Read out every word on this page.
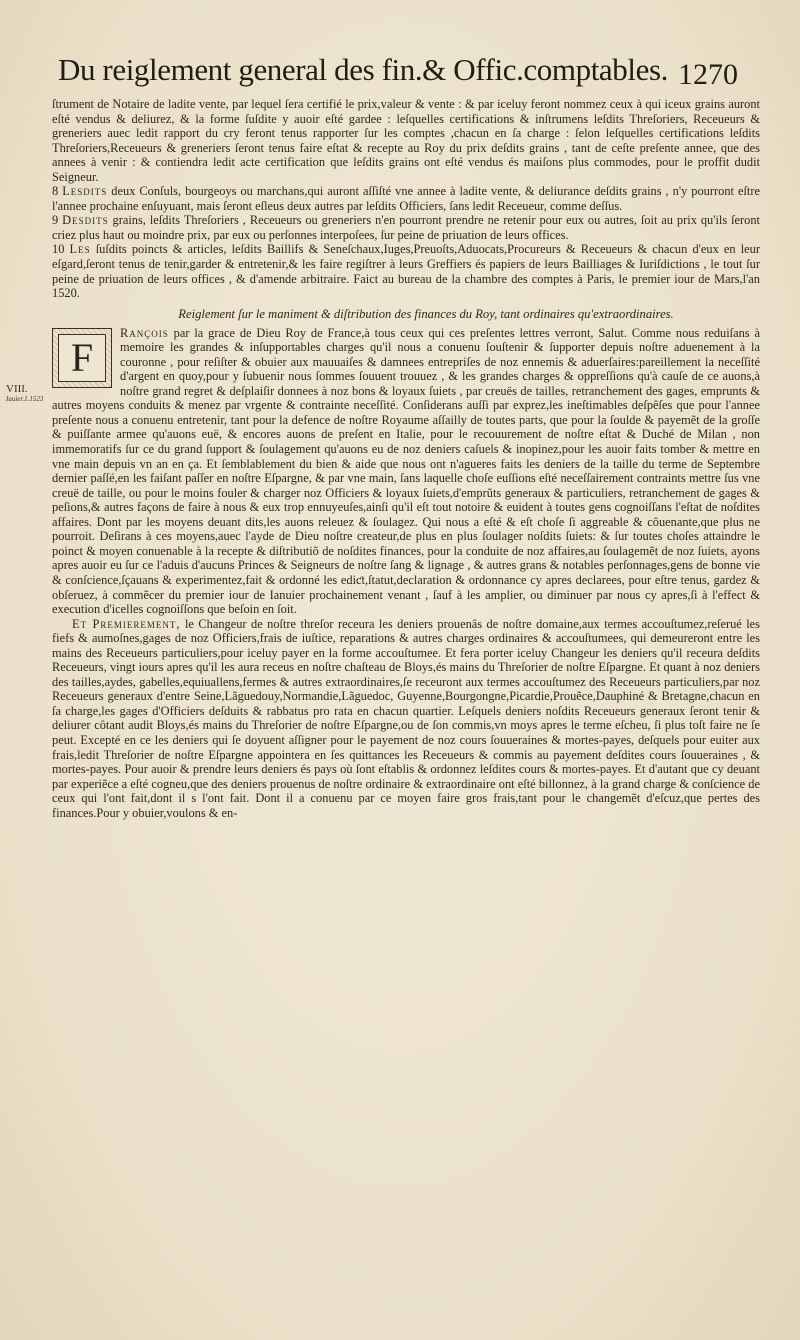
Du reiglement general des fin.& Offic.comptables. 1270
VIII.
Iauier.1.1523

ſtrument de Notaire de ladite vente, par lequel ſera certifié le prix,valeur & vente : & par iceluy feront nommez ceux à qui iceux grains auront eſté vendus & deliurez, & la forme ſuſdite y auoir eſté gardee : leſquelles certifications & inſtrumens leſdits Threſoriers, Receueurs & greneriers auec ledit rapport du cry feront tenus rapporter ſur les comptes ,chacun en ſa charge : ſelon leſquelles certifications leſdits Threſoriers,Receueurs & greneriers ſeront tenus faire eſtat & recepte au Roy du prix deſdits grains , tant de ceſte preſente annee, que des annees à venir : & contiendra ledit acte certification que leſdits grains ont eſté vendus és maiſons plus commodes, pour le proffit dudit Seigneur.

8 Lesdits deux Conſuls, bourgeoys ou marchans,qui auront aſſiſté vne annee à ladite vente, & deliurance deſdits grains , n'y pourront eſtre l'annee prochaine enſuyuant, mais ſeront eſleus deux autres par leſdits Officiers, ſans ledit Receueur, comme deſſus.

9 Desdits grains, leſdits Threſoriers , Receueurs ou greneriers n'en pourront prendre ne retenir pour eux ou autres, ſoit au prix qu'ils ſeront criez plus haut ou moindre prix, par eux ou perſonnes interpoſees, ſur peine de priuation de leurs offices.

10 Les ſuſdits poincts & articles, leſdits Baillifs & Seneſchaux,Iuges,Preuoſts,Aduocats,Procureurs & Receueurs & chacun d'eux en leur eſgard,ſeront tenus de tenir,garder & entretenir,& les faire regiſtrer à leurs Greffiers és papiers de leurs Bailliages & Iuriſdictions , le tout ſur peine de priuation de leurs offices , & d'amende arbitraire. Faict au bureau de la chambre des comptes à Paris, le premier iour de Mars,l'an 1520.

Reiglement ſur le maniment & diſtribution des finances du Roy, tant ordinaires qu'extraordinaires.
F

Rançois par la grace de Dieu Roy de France,à tous ceux qui ces preſentes lettres verront, Salut. Comme nous reduiſans à memoire les grandes & inſupportables charges qu'il nous a conuenu ſouſtenir & ſupporter depuis noſtre aduenement à la couronne , pour reſiſter & obuier aux mauuaiſes & damnees entrepriſes de noz ennemis & aduerſaires:pareillement la neceſſité d'argent en quoy,pour y ſubuenir nous ſommes ſouuent trouuez , & les grandes charges & oppreſſions qu'à cauſe de ce auons,à noſtre grand regret & deſplaiſir donnees à noz bons & loyaux ſuiets , par creuës de tailles, retranchement des gages, emprunts & autres moyens conduits & menez par vrgente & contrainte neceſſité. Conſiderans auſſi par exprez,les ineſtimables deſpêſes que pour l'annee preſente nous a conuenu entretenir, tant pour la defence de noſtre Royaume aſſailly de toutes parts, que pour la ſoulde & payemẽt de la groſſe & puiſſante armee qu'auons euë, & encores auons de preſent en Italie, pour le recouurement de noſtre eſtat & Duché de Milan , non immemoratifs ſur ce du grand ſupport & ſoulagement qu'auons eu de noz deniers caſuels & inopinez,pour les auoir faits tomber & mettre en vne main depuis vn an en ça. Et ſemblablement du bien & aide que nous ont n'agueres faits les deniers de la taille du terme de Septembre dernier paſſé,en les faiſant paſſer en noſtre Eſpargne, & par vne main, ſans laquelle choſe euſſions eſté neceſſairement contraints mettre ſus vne creuë de taille, ou pour le moins fouler & charger noz Officiers & loyaux ſuiets,d'emprũts generaux & particuliers, retranchement de gages & peſions,& autres façons de faire à nous & eux trop ennuyeuſes,ainſi qu'il eſt tout notoire & euident à toutes gens cognoiſſans l'eſtat de noſdites affaires. Dont par les moyens deuant dits,les auons releuez & ſoulagez. Qui nous a eſté & eſt choſe ſi aggreable & côuenante,que plus ne pourroit. Deſirans à ces moyens,auec l'ayde de Dieu noſtre createur,de plus en plus ſoulager noſdits ſuiets: & ſur toutes choſes attaindre le poinct & moyen conuenable à la recepte & diſtributiõ de noſdites finances, pour la conduite de noz affaires,au ſoulagemẽt de noz ſuiets, ayons apres auoir eu ſur ce l'aduis d'aucuns Princes & Seigneurs de noſtre ſang & lignage , & autres grans & notables perſonnages,gens de bonne vie & conſcience,ſçauans & experimentez,fait & ordonné les ediƈt,ſtatut,declaration & ordonnance cy apres declarees, pour eſtre tenus, gardez & obſeruez, à commẽcer du premier iour de Ianuier prochainement venant , ſauf à les amplier, ou diminuer par nous cy apres,ſi à l'effect & execution d'icelles cognoiſſons que beſoin en ſoit.

Et Premierement, le Changeur de noſtre threſor receura les deniers prouenâs de noſtre domaine,aux termes accouſtumez,reſerué les fiefs & aumoſnes,gages de noz Officiers,frais de iuſtice, reparations & autres charges ordinaires & accouſtumees, qui demeureront entre les mains des Receueurs particuliers,pour iceluy payer en la forme accouſtumee. Et fera porter iceluy Changeur les deniers qu'il receura deſdits Receueurs, vingt iours apres qu'il les aura receus en noſtre chaſteau de Bloys,és mains du Threſorier de noſtre Eſpargne. Et quant à noz deniers des tailles,aydes, gabelles,equiuallens,fermes & autres extraordinaires,ſe receuront aux termes accouſtumez des Receueurs particuliers,par noz Receueurs generaux d'entre Seine,Lãguedouy,Normandie,Lãguedoc, Guyenne,Bourgongne,Picardie,Prouẽce,Dauphiné & Bretagne,chacun en ſa charge,les gages d'Officiers deſduits & rabbatus pro rata en chacun quartier. Leſquels deniers noſdits Receueurs generaux ſeront tenir & deliurer côtant audit Bloys,és mains du Threſorier de noſtre Eſpargne,ou de ſon commis,vn moys apres le terme eſcheu, ſi plus toſt faire ne ſe peut. Excepté en ce les deniers qui ſe doyuent aſſigner pour le payement de noz cours ſouueraines & mortes-payes, deſquels pour euiter aux frais,ledit Threſorier de noſtre Eſpargne appointera en ſes quittances les Receueurs & commis au payement deſdites cours ſouueraines , & mortes-payes. Pour auoir & prendre leurs deniers és pays où ſont eſtablis & ordonnez leſdites cours & mortes-payes. Et d'autant que cy deuant par experiẽce a eſté cogneu,que des deniers prouenus de noſtre ordinaire & extraordinaire ont eſté billonnez, à la grand charge & conſcience de ceux qui l'ont fait,dont il s l'ont fait. Dont il a conuenu par ce moyen faire gros frais,tant pour le changemẽt d'eſcuz,que pertes des finances.Pour y obuier,voulons & en-
